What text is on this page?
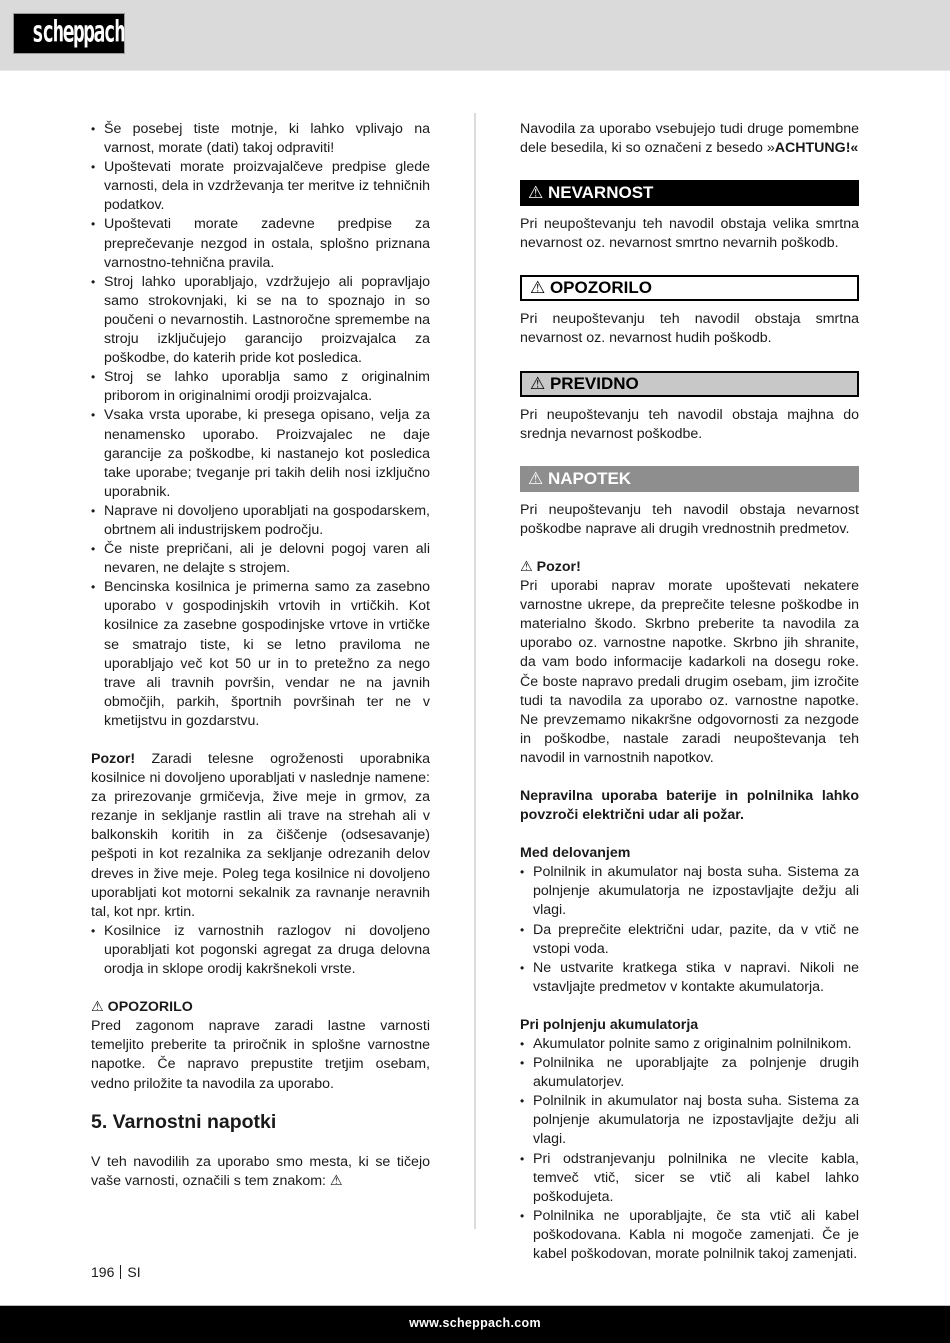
scheppach
• Še posebej tiste motnje, ki lahko vplivajo na varnost, morate (dati) takoj odpraviti!
• Upoštevati morate proizvajalčeve predpise glede varnosti, dela in vzdrževanja ter meritve iz tehničnih podatkov.
• Upoštevati morate zadevne predpise za preprečevanje nezgod in ostala, splošno priznana varnostno-tehnična pravila.
• Stroj lahko uporabljajo, vzdržujejo ali popravljajo samo strokovnjaki, ki se na to spoznajo in so poučeni o nevarnostih. Lastnoročne spremembe na stroju izključujejo garancijo proizvajalca za poškodbe, do katerih pride kot posledica.
• Stroj se lahko uporablja samo z originalnim priborom in originalnimi orodji proizvajalca.
• Vsaka vrsta uporabe, ki presega opisano, velja za nenamensko uporabo. Proizvajalec ne daje garancije za poškodbe, ki nastanejo kot posledica take uporabe; tveganje pri takih delih nosi izključno uporabnik.
• Naprave ni dovoljeno uporabljati na gospodarskem, obrtnem ali industrijskem področju.
• Če niste prepričani, ali je delovni pogoj varen ali nevaren, ne delajte s strojem.
• Bencinska kosilnica je primerna samo za zasebno uporabo v gospodinjskih vrtovih in vrtičkih. Kot kosilnice za zasebne gospodinjske vrtove in vrtičke se smatrajo tiste, ki se letno praviloma ne uporabljajo več kot 50 ur in to pretežno za nego trave ali travnih površin, vendar ne na javnih območjih, parkih, športnih površinah ter ne v kmetijstvu in gozdarstvu.

Pozor! Zaradi telesne ogroženosti uporabnika kosilnice ni dovoljeno uporabljati v naslednje namene: za prirezovanje grmičevja, žive meje in grmov, za rezanje in sekljanje rastlin ali trave na strehah ali v balkonskih koritih in za čiščenje (odsesavanje) pešpoti in kot rezalnika za sekljanje odrezanih delov dreves in žive meje. Poleg tega kosilnice ni dovoljeno uporabljati kot motorni sekalnik za ravnanje neravnih tal, kot npr. krtin.

• Kosilnice iz varnostnih razlogov ni dovoljeno uporabljati kot pogonski agregat za druga delovna orodja in sklope orodij kakršnekoli vrste.
⚠ OPOZORILO

Pred zagonom naprave zaradi lastne varnosti temeljito preberite ta priročnik in splošne varnostne napotke. Če napravo prepustite tretjim osebam, vedno priložite ta navodila za uporabo.

5. Varnostni napotki

V teh navodilih za uporabo smo mesta, ki se tičejo vaše varnosti, označili s tem znakom: ⚠

Navodila za uporabo vsebujejo tudi druge pomembne dele besedila, ki so označeni z besedo »ACHTUNG!«

⚠ NEVARNOST

Pri neupoštevanju teh navodil obstaja velika smrtna nevarnost oz. nevarnost smrtno nevarnih poškodb.

⚠ OPOZORILO

Pri neupoštevanju teh navodil obstaja smrtna nevarnost oz. nevarnost hudih poškodb.

⚠ PREVIDNO

Pri neupoštevanju teh navodil obstaja majhna do srednja nevarnost poškodbe.

⚠ NAPOTEK

Pri neupoštevanju teh navodil obstaja nevarnost poškodbe naprave ali drugih vrednostnih predmetov.

⚠ Pozor!

Pri uporabi naprav morate upoštevati nekatere varnostne ukrepe, da preprečite telesne poškodbe in materialno škodo. Skrbno preberite ta navodila za uporabo oz. varnostne napotke. Skrbno jih shranite, da vam bodo informacije kadarkoli na dosegu roke. Če boste napravo predali drugim osebam, jim izročite tudi ta navodila za uporabo oz. varnostne napotke. Ne prevzemamo nikakršne odgovornosti za nezgode in poškodbe, nastale zaradi neupoštevanja teh navodil in varnostnih napotkov.

Nepravilna uporaba baterije in polnilnika lahko povzroči električni udar ali požar.

Med delovanjem
• Polnilnik in akumulator naj bosta suha. Sistema za polnjenje akumulatorja ne izpostavljajte dežju ali vlagi.
• Da preprečite električni udar, pazite, da v vtič ne vstopi voda.
• Ne ustvarite kratkega stika v napravi. Nikoli ne vstavljajte predmetov v kontakte akumulatorja.
Pri polnjenju akumulatorja
• Akumulator polnite samo z originalnim polnilnikom.
• Polnilnika ne uporabljajte za polnjenje drugih akumulatorjev.
• Polnilnik in akumulator naj bosta suha. Sistema za polnjenje akumulatorja ne izpostavljajte dežju ali vlagi.
• Pri odstranjevanju polnilnika ne vlecite kabla, temveč vtič, sicer se vtič ali kabel lahko poškodujeta.
• Polnilnika ne uporabljajte, če sta vtič ali kabel poškodovana. Kabla ni mogoče zamenjati. Če je kabel poškodovan, morate polnilnik takoj zamenjati.
196 SI
www.scheppach.com
